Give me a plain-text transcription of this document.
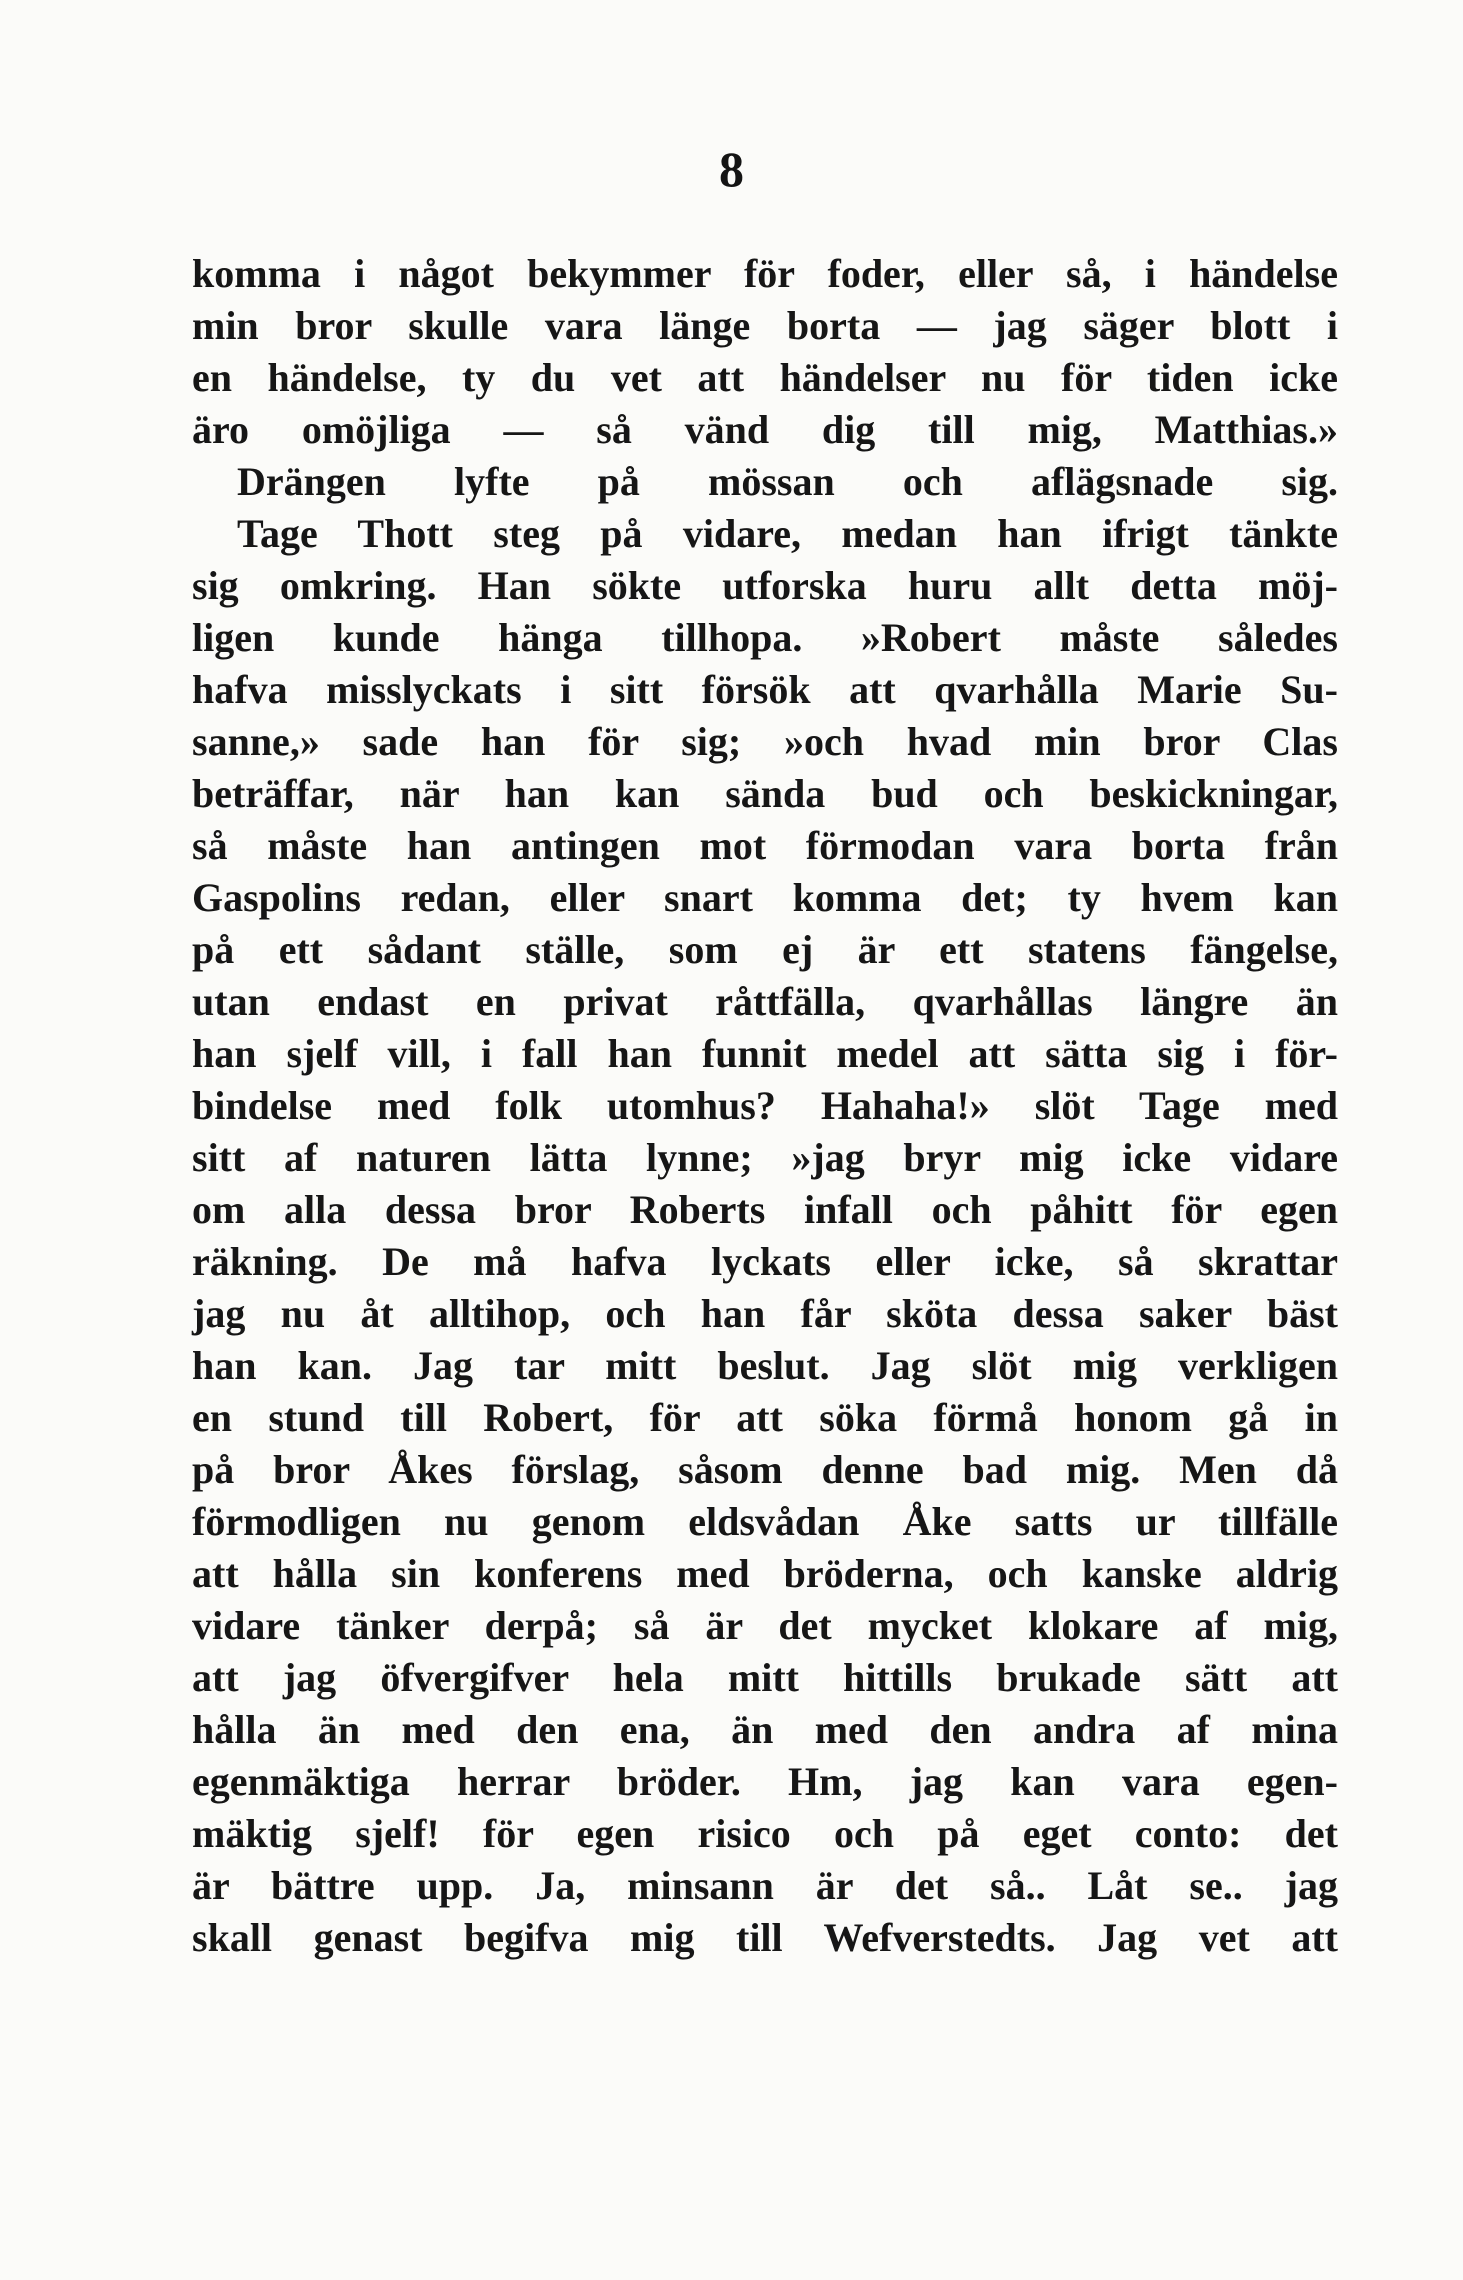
8
komma i något bekymmer för foder, eller så, i händelse
min bror skulle vara länge borta — jag säger blott i
en händelse, ty du vet att händelser nu för tiden icke
äro omöjliga — så vänd dig till mig, Matthias.»
Drängen lyfte på mössan och aflägsnade sig.
Tage Thott steg på vidare, medan han ifrigt tänkte
sig omkring. Han sökte utforska huru allt detta möj-
ligen kunde hänga tillhopa. »Robert måste således
hafva misslyckats i sitt försök att qvarhålla Marie Su-
sanne,» sade han för sig; »och hvad min bror Clas
beträffar, när han kan sända bud och beskickningar,
så måste han antingen mot förmodan vara borta från
Gaspolins redan, eller snart komma det; ty hvem kan
på ett sådant ställe, som ej är ett statens fängelse,
utan endast en privat råttfälla, qvarhållas längre än
han sjelf vill, i fall han funnit medel att sätta sig i för-
bindelse med folk utomhus? Hahaha!» slöt Tage med
sitt af naturen lätta lynne; »jag bryr mig icke vidare
om alla dessa bror Roberts infall och påhitt för egen
räkning. De må hafva lyckats eller icke, så skrattar
jag nu åt alltihop, och han får sköta dessa saker bäst
han kan. Jag tar mitt beslut. Jag slöt mig verkligen
en stund till Robert, för att söka förmå honom gå in
på bror Åkes förslag, såsom denne bad mig. Men då
förmodligen nu genom eldsvådan Åke satts ur tillfälle
att hålla sin konferens med bröderna, och kanske aldrig
vidare tänker derpå; så är det mycket klokare af mig,
att jag öfvergifver hela mitt hittills brukade sätt att
hålla än med den ena, än med den andra af mina
egenmäktiga herrar bröder. Hm, jag kan vara egen-
mäktig sjelf! för egen risico och på eget conto: det
är bättre upp. Ja, minsann är det så.. Låt se.. jag
skall genast begifva mig till Wefverstedts. Jag vet att
